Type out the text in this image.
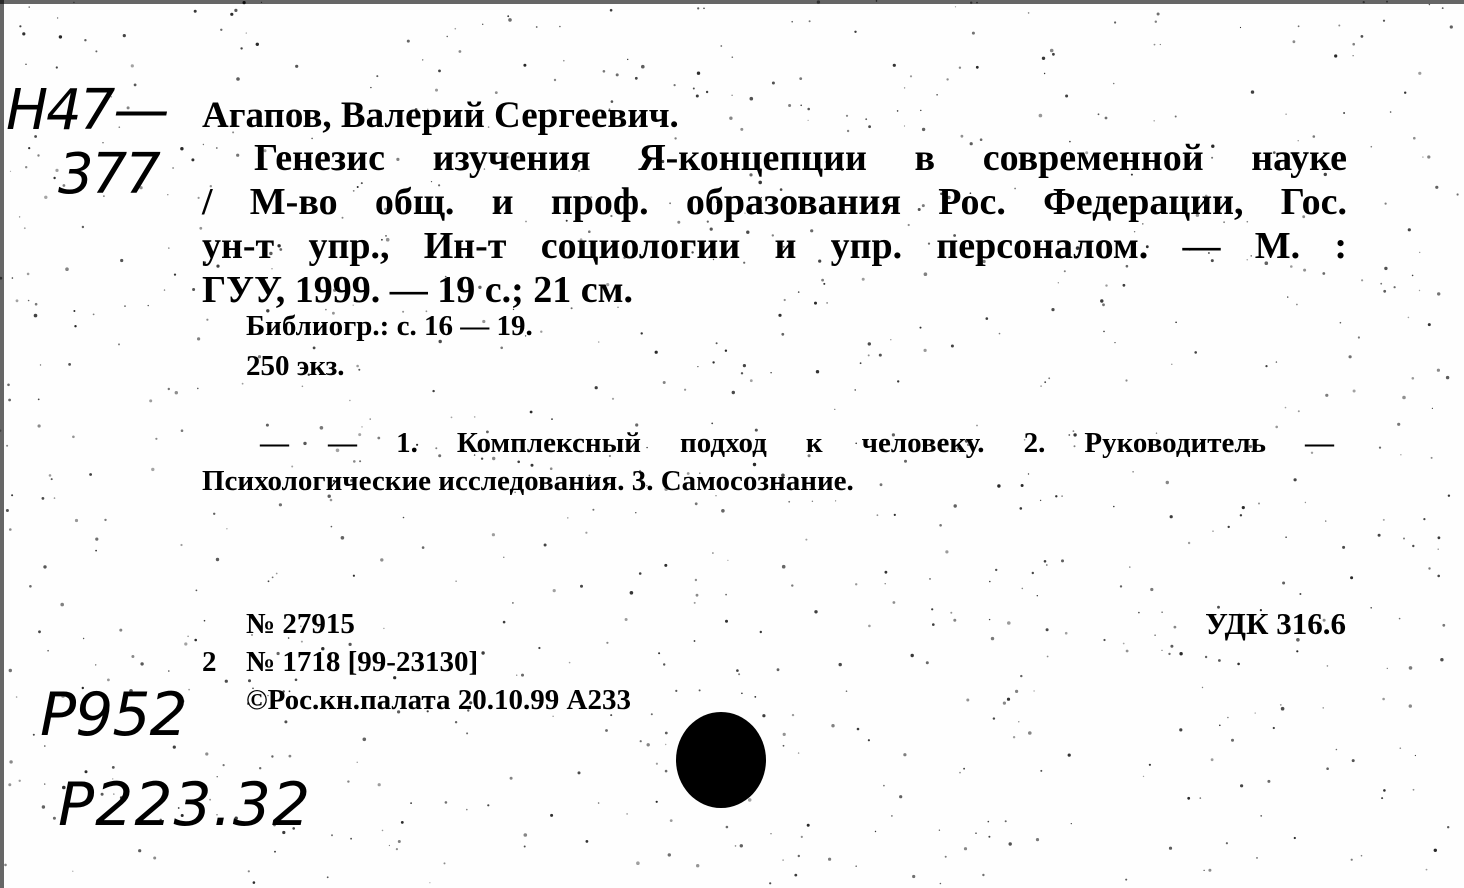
Н47—
377
Агапов, Валерий Сергеевич.
Генезис изучения Я-концепции в современной науке
/ М-во общ. и проф. образования Рос. Федерации, Гос.
ун-т упр., Ин-т социологии и упр. персоналом. — М. :
ГУУ, 1999. — 19 с.; 21 см.
Библиогр.: с. 16 — 19.
250 экз.
— — 1. Комплексный подход к человеку. 2. Руководитель —
Психологические исследования. 3. Самосознание.
№ 27915
2 № 1718 [99-23130]
©Рос.кн.палата 20.10.99 А233
УДК 316.6
Р952
Р223.32
